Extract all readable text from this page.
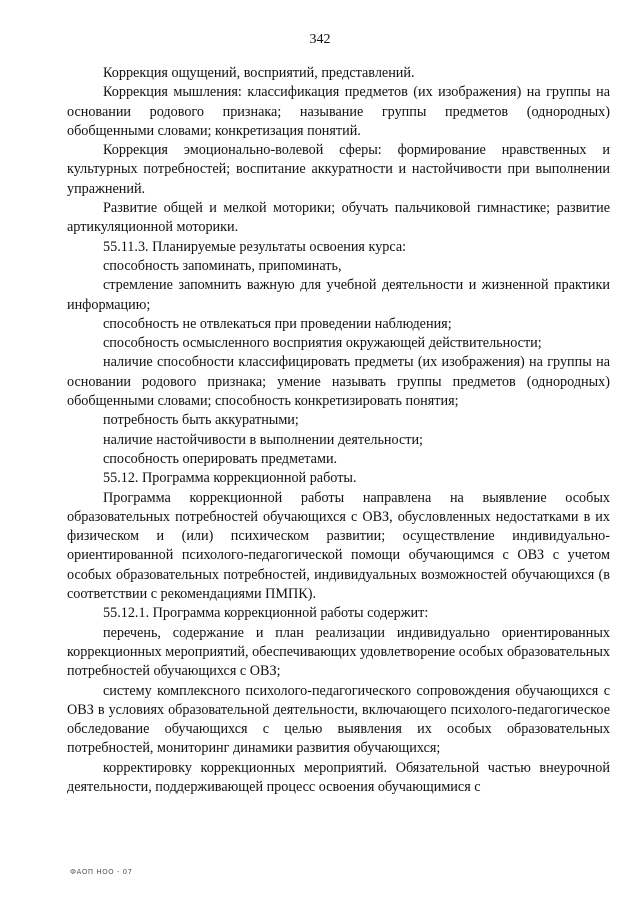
342

Коррекция ощущений, восприятий, представлений.

Коррекция мышления: классификация предметов (их изображения) на группы на основании родового признака; называние группы предметов (однородных) обобщенными словами; конкретизация понятий.

Коррекция эмоционально-волевой сферы: формирование нравственных и культурных потребностей; воспитание аккуратности и настойчивости при выполнении упражнений.

Развитие общей и мелкой моторики; обучать пальчиковой гимнастике; развитие артикуляционной моторики.

55.11.3. Планируемые результаты освоения курса:

способность запоминать, припоминать,

стремление запомнить важную для учебной деятельности и жизненной практики информацию;

способность не отвлекаться при проведении наблюдения;

способность осмысленного восприятия окружающей действительности;

наличие способности классифицировать предметы (их изображения) на группы на основании родового признака; умение называть группы предметов (однородных) обобщенными словами; способность конкретизировать понятия;

потребность быть аккуратными;

наличие настойчивости в выполнении деятельности;

способность оперировать предметами.

55.12. Программа коррекционной работы.

Программа коррекционной работы направлена на выявление особых образовательных потребностей обучающихся с ОВЗ, обусловленных недостатками в их физическом и (или) психическом развитии; осуществление индивидуально-ориентированной психолого-педагогической помощи обучающимся с ОВЗ с учетом особых образовательных потребностей, индивидуальных возможностей обучающихся (в соответствии с рекомендациями ПМПК).

55.12.1. Программа коррекционной работы содержит:

перечень, содержание и план реализации индивидуально ориентированных коррекционных мероприятий, обеспечивающих удовлетворение особых образовательных потребностей обучающихся с ОВЗ;

систему комплексного психолого-педагогического сопровождения обучающихся с ОВЗ в условиях образовательной деятельности, включающего психолого-педагогическое обследование обучающихся с целью выявления их особых образовательных потребностей, мониторинг динамики развития обучающихся;

корректировку коррекционных мероприятий. Обязательной частью внеурочной деятельности, поддерживающей процесс освоения обучающимися с

ФАОП НОО - 07
